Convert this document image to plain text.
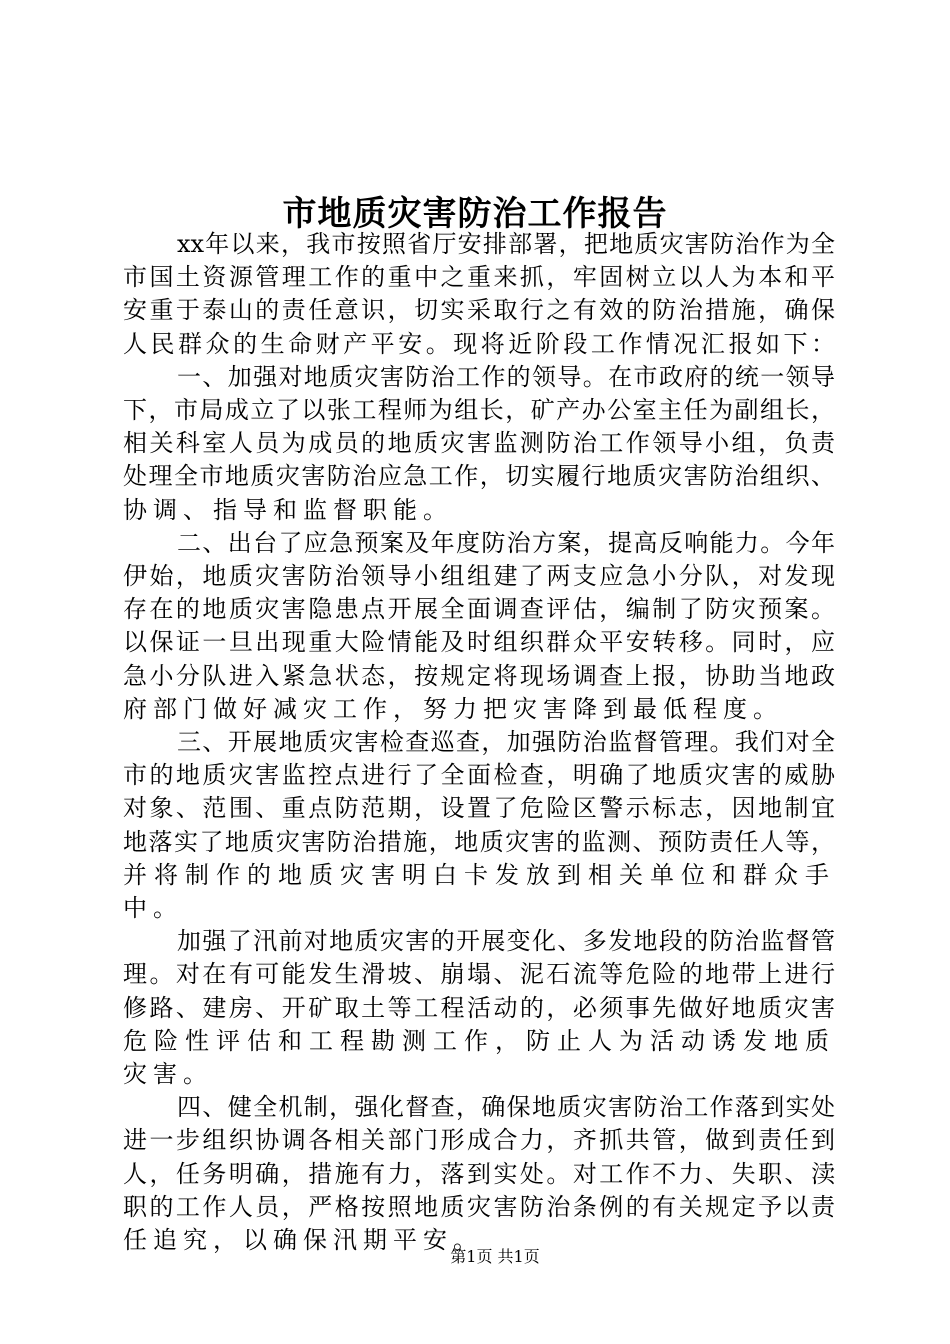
市地质灾害防治工作报告
xx年以来，我市按照省厅安排部署，把地质灾害防治作为全
市国土资源管理工作的重中之重来抓，牢固树立以人为本和平
安重于泰山的责任意识，切实采取行之有效的防治措施，确保
人民群众的生命财产平安。现将近阶段工作情况汇报如下：
一、加强对地质灾害防治工作的领导。在市政府的统一领导
下，市局成立了以张工程师为组长，矿产办公室主任为副组长，
相关科室人员为成员的地质灾害监测防治工作领导小组，负责
处理全市地质灾害防治应急工作，切实履行地质灾害防治组织、
协调、指导和监督职能。
二、出台了应急预案及年度防治方案，提高反响能力。今年
伊始，地质灾害防治领导小组组建了两支应急小分队，对发现
存在的地质灾害隐患点开展全面调查评估，编制了防灾预案。
以保证一旦出现重大险情能及时组织群众平安转移。同时，应
急小分队进入紧急状态，按规定将现场调查上报，协助当地政
府部门做好减灾工作，努力把灾害降到最低程度。
三、开展地质灾害检查巡查，加强防治监督管理。我们对全
市的地质灾害监控点进行了全面检查，明确了地质灾害的威胁
对象、范围、重点防范期，设置了危险区警示标志，因地制宜
地落实了地质灾害防治措施，地质灾害的监测、预防责任人等，
并将制作的地质灾害明白卡发放到相关单位和群众手中。
加强了汛前对地质灾害的开展变化、多发地段的防治监督管
理。对在有可能发生滑坡、崩塌、泥石流等危险的地带上进行
修路、建房、开矿取土等工程活动的，必须事先做好地质灾害
危险性评估和工程勘测工作，防止人为活动诱发地质灾害。
四、健全机制，强化督查，确保地质灾害防治工作落到实处
进一步组织协调各相关部门形成合力，齐抓共管，做到责任到
人，任务明确，措施有力，落到实处。对工作不力、失职、渎
职的工作人员，严格按照地质灾害防治条例的有关规定予以责
任追究，以确保汛期平安。
第1页 共1页
